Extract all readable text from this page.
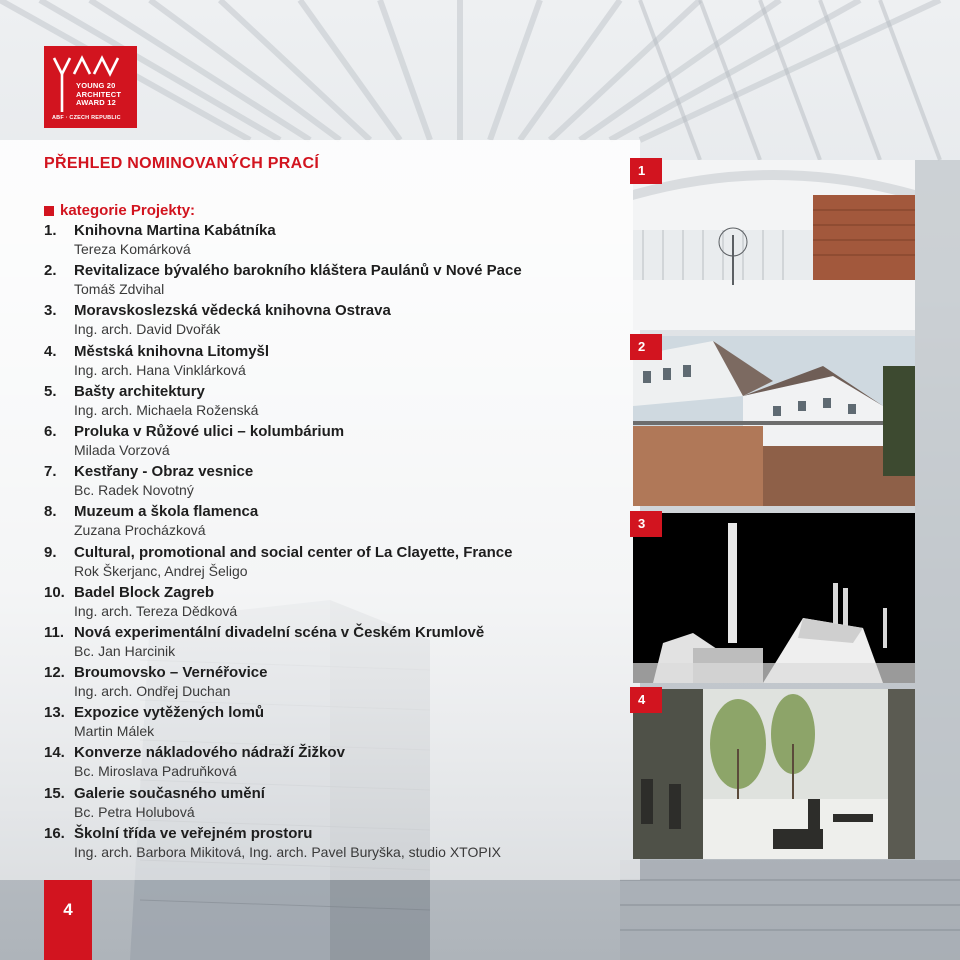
YOUNG 20
ARCHITECT
AWARD 12
ABF · CZECH REPUBLIC
PŘEHLED NOMINOVANÝCH PRACÍ
kategorie Projekty:
1.	Knihovna Martina Kabátníka
Tereza Komárková
2.	Revitalizace bývalého barokního kláštera Paulánů v Nové Pace
Tomáš Zdvihal
3.	Moravskoslezská vědecká knihovna Ostrava
Ing. arch. David Dvořák
4.	Městská knihovna Litomyšl
Ing. arch. Hana Vinklárková
5.	Bašty architektury
Ing. arch. Michaela Roženská
6.	Proluka v Růžové ulici – kolumbárium
Milada Vorzová
7.	Kestřany - Obraz vesnice
Bc. Radek Novotný
8.	Muzeum a škola flamenca
Zuzana Procházková
9.	Cultural, promotional and social center of La Clayette, France
Rok Škerjanc, Andrej Šeligo
10. Badel Block Zagreb
Ing. arch. Tereza Dědková
11. Nová experimentální divadelní scéna v Českém Krumlově
Bc. Jan Harcinik
12. Broumovsko – Vernéřovice
Ing. arch. Ondřej Duchan
13. Expozice vytěžených lomů
Martin Málek
14. Konverze nákladového nádraží Žižkov
Bc. Miroslava Padruňková
15. Galerie současného umění
Bc. Petra Holubová
16. Školní třída ve veřejném prostoru
Ing. arch. Barbora Mikitová, Ing. arch. Pavel Buryška, studio XTOPIX
1
2
3
4
4
